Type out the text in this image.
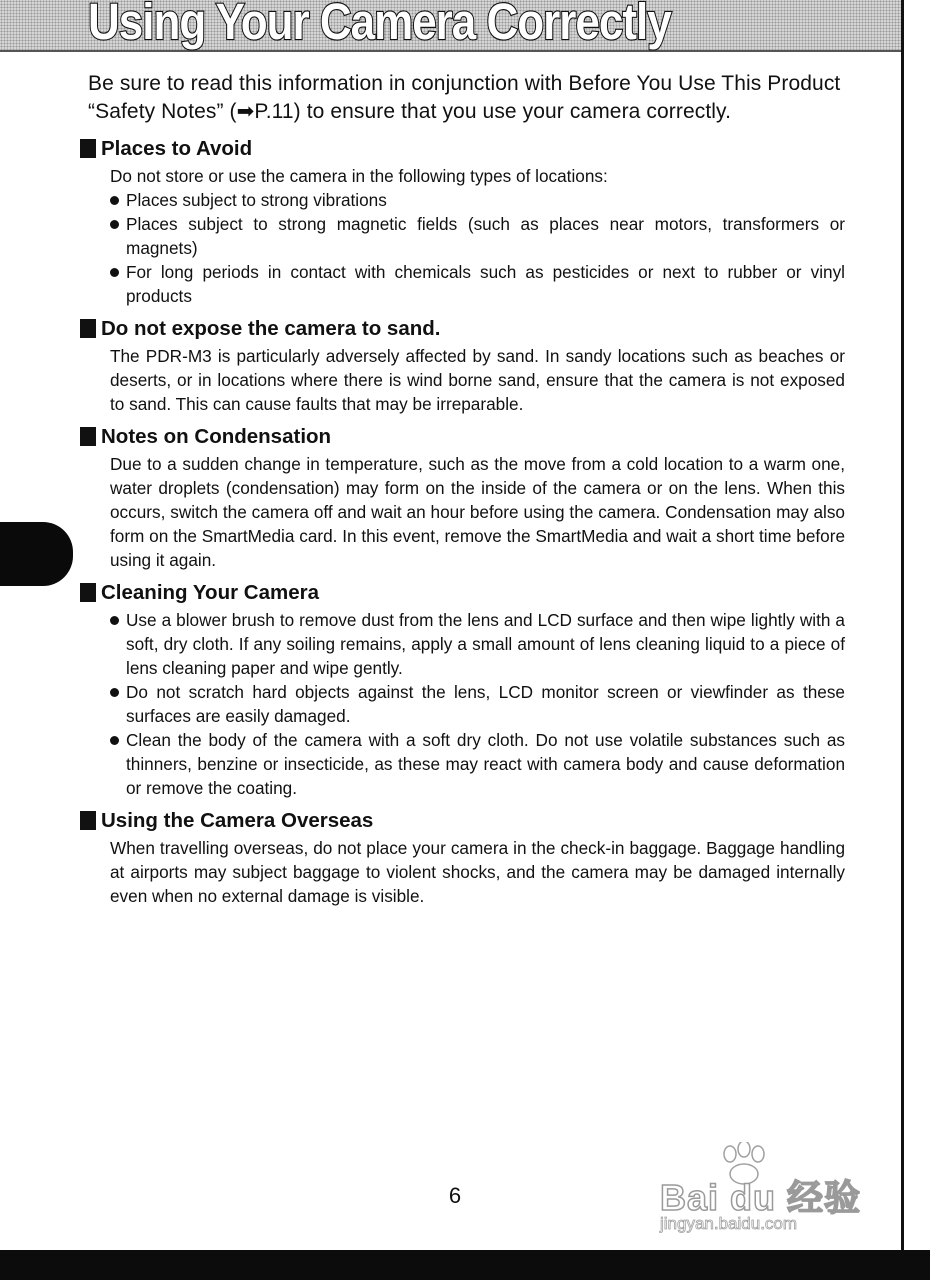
Using Your Camera Correctly

Be sure to read this information in conjunction with Before You Use This Product “Safety Notes” (➡P.11) to ensure that you use your camera correctly.

Places to Avoid

Do not store or use the camera in the following types of locations:

Places subject to strong vibrations
Places subject to strong magnetic fields (such as places near motors, transformers or magnets)
For long periods in contact with chemicals such as pesticides or next to rubber or vinyl products
Do not expose the camera to sand.

The PDR-M3 is particularly adversely affected by sand. In sandy locations such as beaches or deserts, or in locations where there is wind borne sand, ensure that the camera is not exposed to sand. This can cause faults that may be irreparable.

Notes on Condensation

Due to a sudden change in temperature, such as the move from a cold location to a warm one, water droplets (condensation) may form on the inside of the camera or on the lens. When this occurs, switch the camera off and wait an hour before using the camera. Condensation may also form on the SmartMedia card. In this event, remove the SmartMedia and wait a short time before using it again.

Cleaning Your Camera
Use a blower brush to remove dust from the lens and LCD surface and then wipe lightly with a soft, dry cloth. If any soiling remains, apply a small amount of lens cleaning liquid to a piece of lens cleaning paper and wipe gently.
Do not scratch hard objects against the lens, LCD monitor screen or viewfinder as these surfaces are easily damaged.
Clean the body of the camera with a soft dry cloth. Do not use volatile substances such as thinners, benzine or insecticide, as these may react with camera body and cause deformation or remove the coating.
Using the Camera Overseas

When travelling overseas, do not place your camera in the check-in baggage. Baggage handling at airports may subject baggage to violent shocks, and the camera may be damaged internally even when no external damage is visible.

6	Bai du 经验
jingyan.baidu.com
